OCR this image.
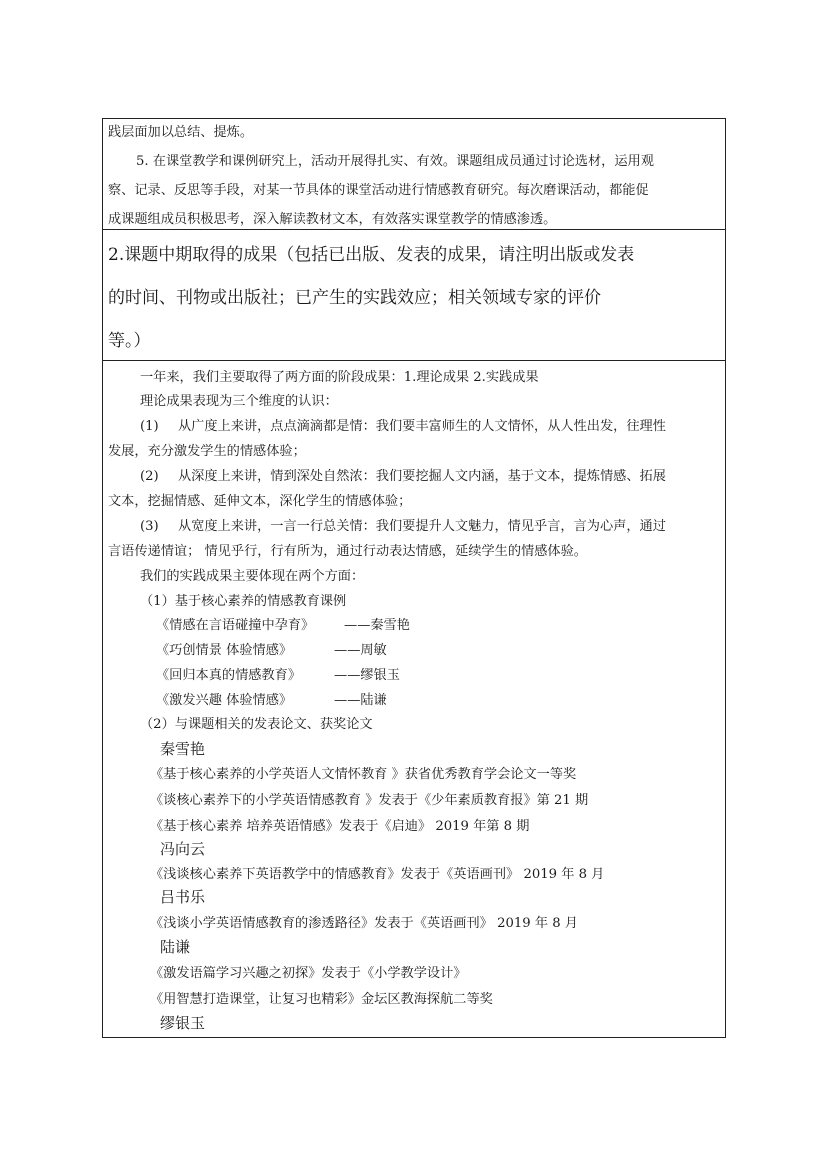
践层面加以总结、提炼。
5. 在课堂教学和课例研究上，活动开展得扎实、有效。课题组成员通过讨论选材，运用观
察、记录、反思等手段，对某一节具体的课堂活动进行情感教育研究。每次磨课活动，都能促
成课题组成员积极思考，深入解读教材文本，有效落实课堂教学的情感渗透。
2.课题中期取得的成果（包括已出版、发表的成果，请注明出版或发表
的时间、刊物或出版社；已产生的实践效应；相关领域专家的评价
等。）
一年来，我们主要取得了两方面的阶段成果：1.理论成果 2.实践成果
理论成果表现为三个维度的认识：
(1) 从广度上来讲，点点滴滴都是情：我们要丰富师生的人文情怀，从人性出发，往理性
发展，充分激发学生的情感体验；
(2) 从深度上来讲，情到深处自然浓：我们要挖掘人文内涵，基于文本，提炼情感、拓展
文本，挖掘情感、延伸文本，深化学生的情感体验；
(3) 从宽度上来讲，一言一行总关情：我们要提升人文魅力，情见乎言，言为心声，通过
言语传递情谊； 情见乎行，行有所为，通过行动表达情感，延续学生的情感体验。
我们的实践成果主要体现在两个方面：
（1）基于核心素养的情感教育课例
《情感在言语碰撞中孕育》 ——秦雪艳
《巧创情景 体验情感》	——周敏
《回归本真的情感教育》 ——缪银玉
《激发兴趣 体验情感》	——陆谦
（2）与课题相关的发表论文、获奖论文
秦雪艳
《基于核心素养的小学英语人文情怀教育 》获省优秀教育学会论文一等奖
《谈核心素养下的小学英语情感教育 》发表于《少年素质教育报》第 21 期
《基于核心素养 培养英语情感》发表于《启迪》 2019 年第 8 期
冯向云
《浅谈核心素养下英语教学中的情感教育》发表于《英语画刊》 2019 年 8 月
吕书乐
《浅谈小学英语情感教育的渗透路径》发表于《英语画刊》 2019 年 8 月
陆谦
《激发语篇学习兴趣之初探》发表于《小学教学设计》
《用智慧打造课堂，让复习也精彩》金坛区教海探航二等奖
缪银玉
